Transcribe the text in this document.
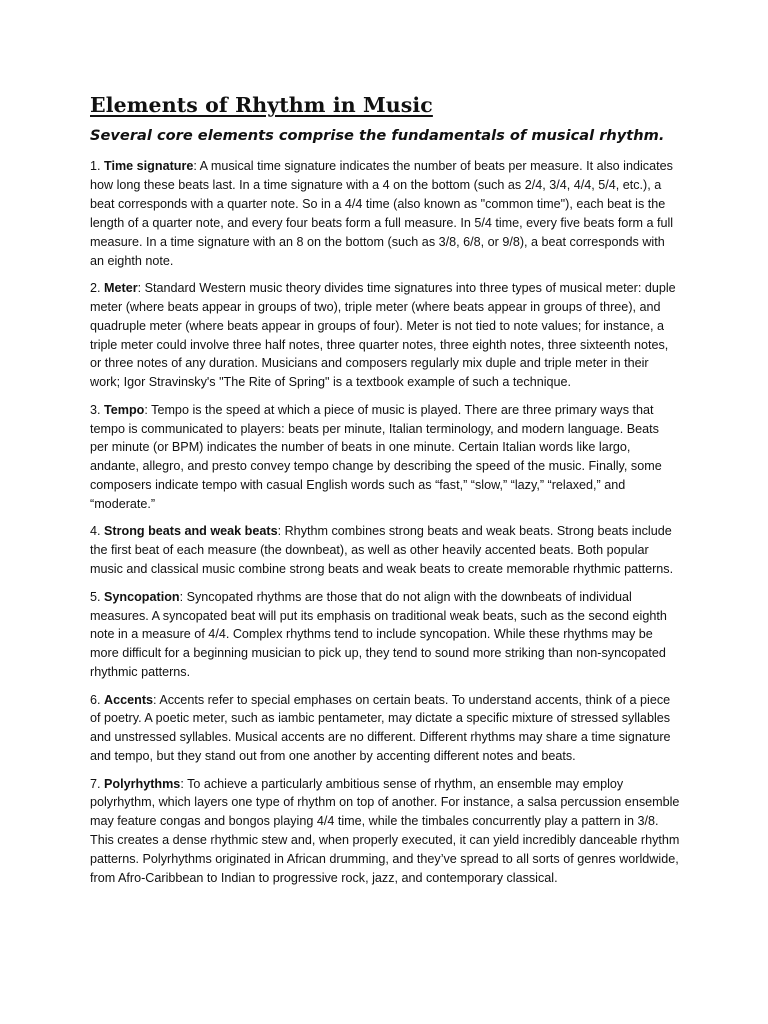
Elements of Rhythm in Music
Several core elements comprise the fundamentals of musical rhythm.

1. Time signature: A musical time signature indicates the number of beats per measure. It also indicates how long these beats last. In a time signature with a 4 on the bottom (such as 2/4, 3/4, 4/4, 5/4, etc.), a beat corresponds with a quarter note. So in a 4/4 time (also known as "common time"), each beat is the length of a quarter note, and every four beats form a full measure. In 5/4 time, every five beats form a full measure. In a time signature with an 8 on the bottom (such as 3/8, 6/8, or 9/8), a beat corresponds with an eighth note.

2. Meter: Standard Western music theory divides time signatures into three types of musical meter: duple meter (where beats appear in groups of two), triple meter (where beats appear in groups of three), and quadruple meter (where beats appear in groups of four). Meter is not tied to note values; for instance, a triple meter could involve three half notes, three quarter notes, three eighth notes, three sixteenth notes, or three notes of any duration. Musicians and composers regularly mix duple and triple meter in their work; Igor Stravinsky's "The Rite of Spring" is a textbook example of such a technique.

3. Tempo: Tempo is the speed at which a piece of music is played. There are three primary ways that tempo is communicated to players: beats per minute, Italian terminology, and modern language. Beats per minute (or BPM) indicates the number of beats in one minute. Certain Italian words like largo, andante, allegro, and presto convey tempo change by describing the speed of the music. Finally, some composers indicate tempo with casual English words such as “fast,” “slow,” “lazy,” “relaxed,” and “moderate.”

4. Strong beats and weak beats: Rhythm combines strong beats and weak beats. Strong beats include the first beat of each measure (the downbeat), as well as other heavily accented beats. Both popular music and classical music combine strong beats and weak beats to create memorable rhythmic patterns.

5. Syncopation: Syncopated rhythms are those that do not align with the downbeats of individual measures. A syncopated beat will put its emphasis on traditional weak beats, such as the second eighth note in a measure of 4/4. Complex rhythms tend to include syncopation. While these rhythms may be more difficult for a beginning musician to pick up, they tend to sound more striking than non-syncopated rhythmic patterns.

6. Accents: Accents refer to special emphases on certain beats. To understand accents, think of a piece of poetry. A poetic meter, such as iambic pentameter, may dictate a specific mixture of stressed syllables and unstressed syllables. Musical accents are no different. Different rhythms may share a time signature and tempo, but they stand out from one another by accenting different notes and beats.

7. Polyrhythms: To achieve a particularly ambitious sense of rhythm, an ensemble may employ polyrhythm, which layers one type of rhythm on top of another. For instance, a salsa percussion ensemble may feature congas and bongos playing 4/4 time, while the timbales concurrently play a pattern in 3/8. This creates a dense rhythmic stew and, when properly executed, it can yield incredibly danceable rhythm patterns. Polyrhythms originated in African drumming, and they’ve spread to all sorts of genres worldwide, from Afro-Caribbean to Indian to progressive rock, jazz, and contemporary classical.
